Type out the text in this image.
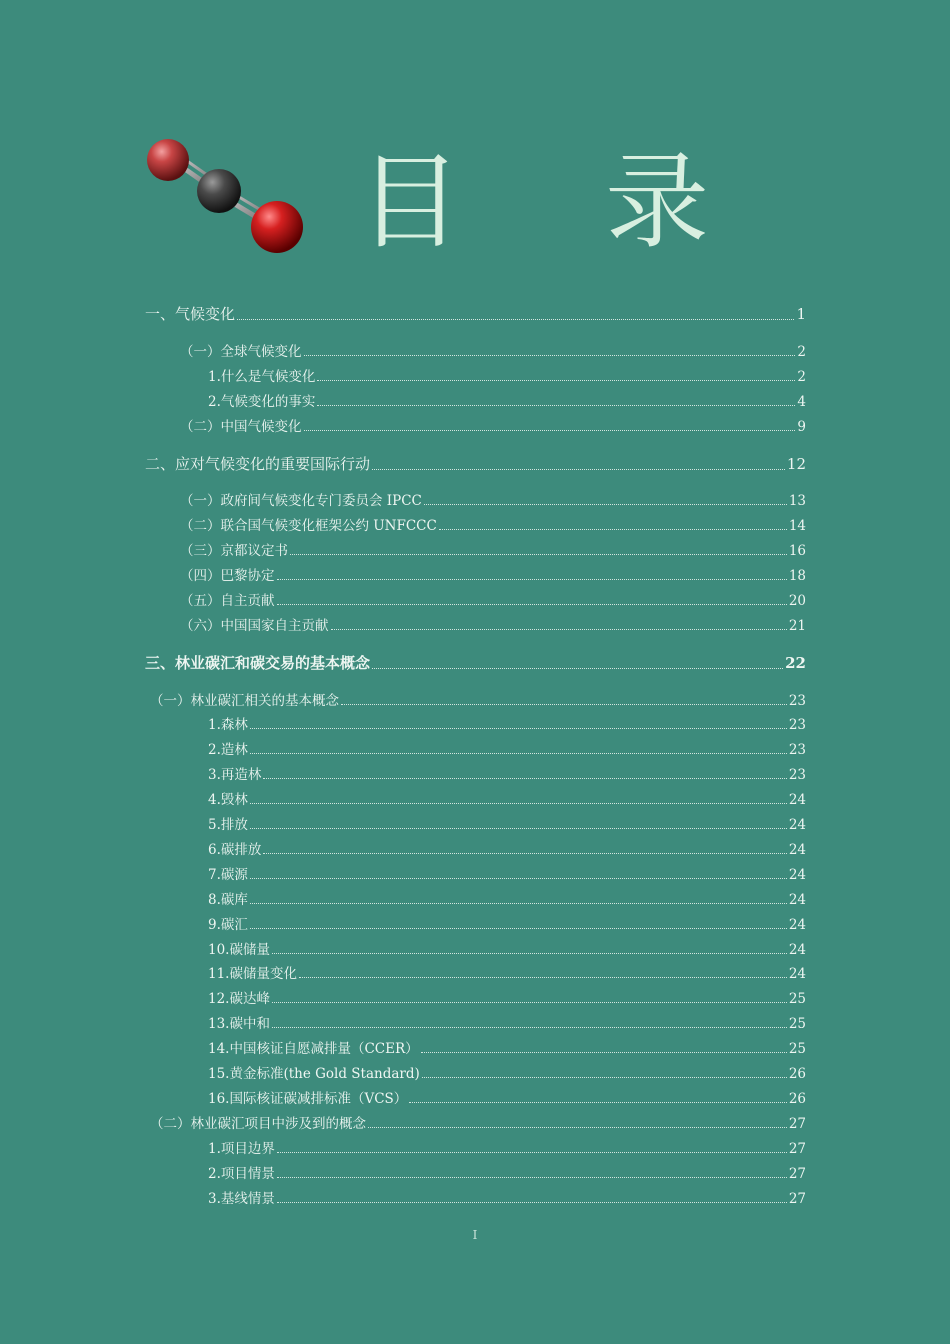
目 录
一、气候变化	1
（一）全球气候变化	2
1.什么是气候变化	2
2.气候变化的事实	4
（二）中国气候变化	9
二、应对气候变化的重要国际行动	12
（一）政府间气候变化专门委员会 IPCC	13
（二）联合国气候变化框架公约 UNFCCC	14
（三）京都议定书	16
（四）巴黎协定	18
（五）自主贡献	20
（六）中国国家自主贡献	21
三、林业碳汇和碳交易的基本概念	22
（一）林业碳汇相关的基本概念	23
1.森林	23
2.造林	23
3.再造林	23
4.毁林	24
5.排放	24
6.碳排放	24
7.碳源	24
8.碳库	24
9.碳汇	24
10.碳储量	24
11.碳储量变化	24
12.碳达峰	25
13.碳中和	25
14.中国核证自愿减排量（CCER）	25
15.黄金标准(the Gold Standard)	26
16.国际核证碳减排标准（VCS）	26
（二）林业碳汇项目中涉及到的概念	27
1.项目边界	27
2.项目情景	27
3.基线情景	27
I
